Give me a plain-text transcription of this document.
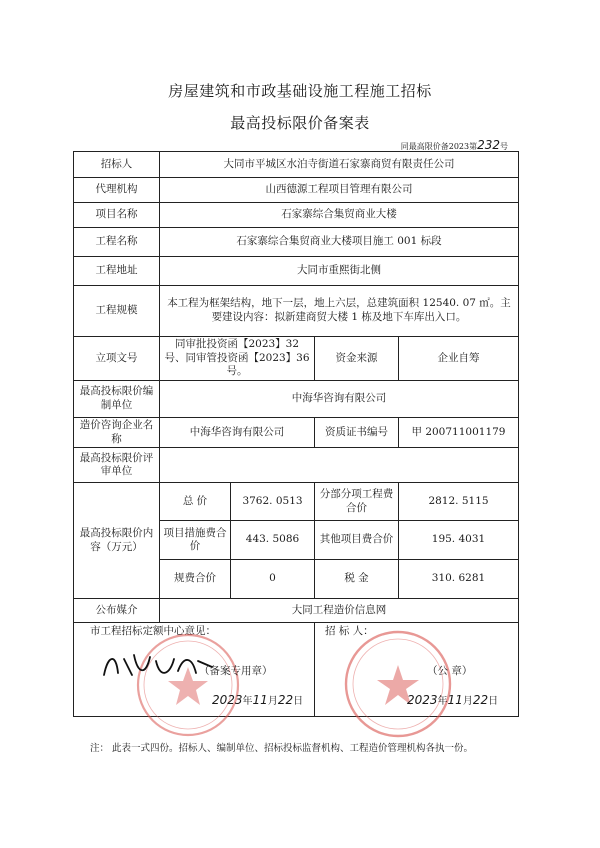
房屋建筑和市政基础设施工程施工招标
最高投标限价备案表
同最高限价备2023第232号
招标人	大同市平城区水泊寺街道石家寨商贸有限责任公司			
代理机构	山西德源工程项目管理有限公司			
项目名称	石家寨综合集贸商业大楼			
工程名称	石家寨综合集贸商业大楼项目施工 001 标段			
工程地址	大同市重熙街北侧			
工程规模	本工程为框架结构，地下一层，地上六层，总建筑面积 12540. 07 ㎡。主要建设内容：拟新建商贸大楼 1 栋及地下车库出入口。			
立项文号	同审批投资函【2023】32 号、同审管投资函【2023】36 号。		资金来源	企业自筹
最高投标限价编制单位	中海华咨询有限公司			
造价咨询企业名称	中海华咨询有限公司		资质证书编号	甲 200711001179
最高投标限价评审单位				
最高投标限价内容（万元）	总 价	3762. 0513	分部分项工程费合价	2812. 5115
	项目措施费合 价	443. 5086	其他项目费合价	195. 4031
	规费合价	0	税 金	310. 6281
公布媒介	大同工程造价信息网			

市工程招标定额中心意见：
（备案专用章）
2023年11月22日			招 标 人：
（公 章）
2023年11月22日	
注： 此表一式四份。招标人、编制单位、招标投标监督机构、工程造价管理机构各执一份。
